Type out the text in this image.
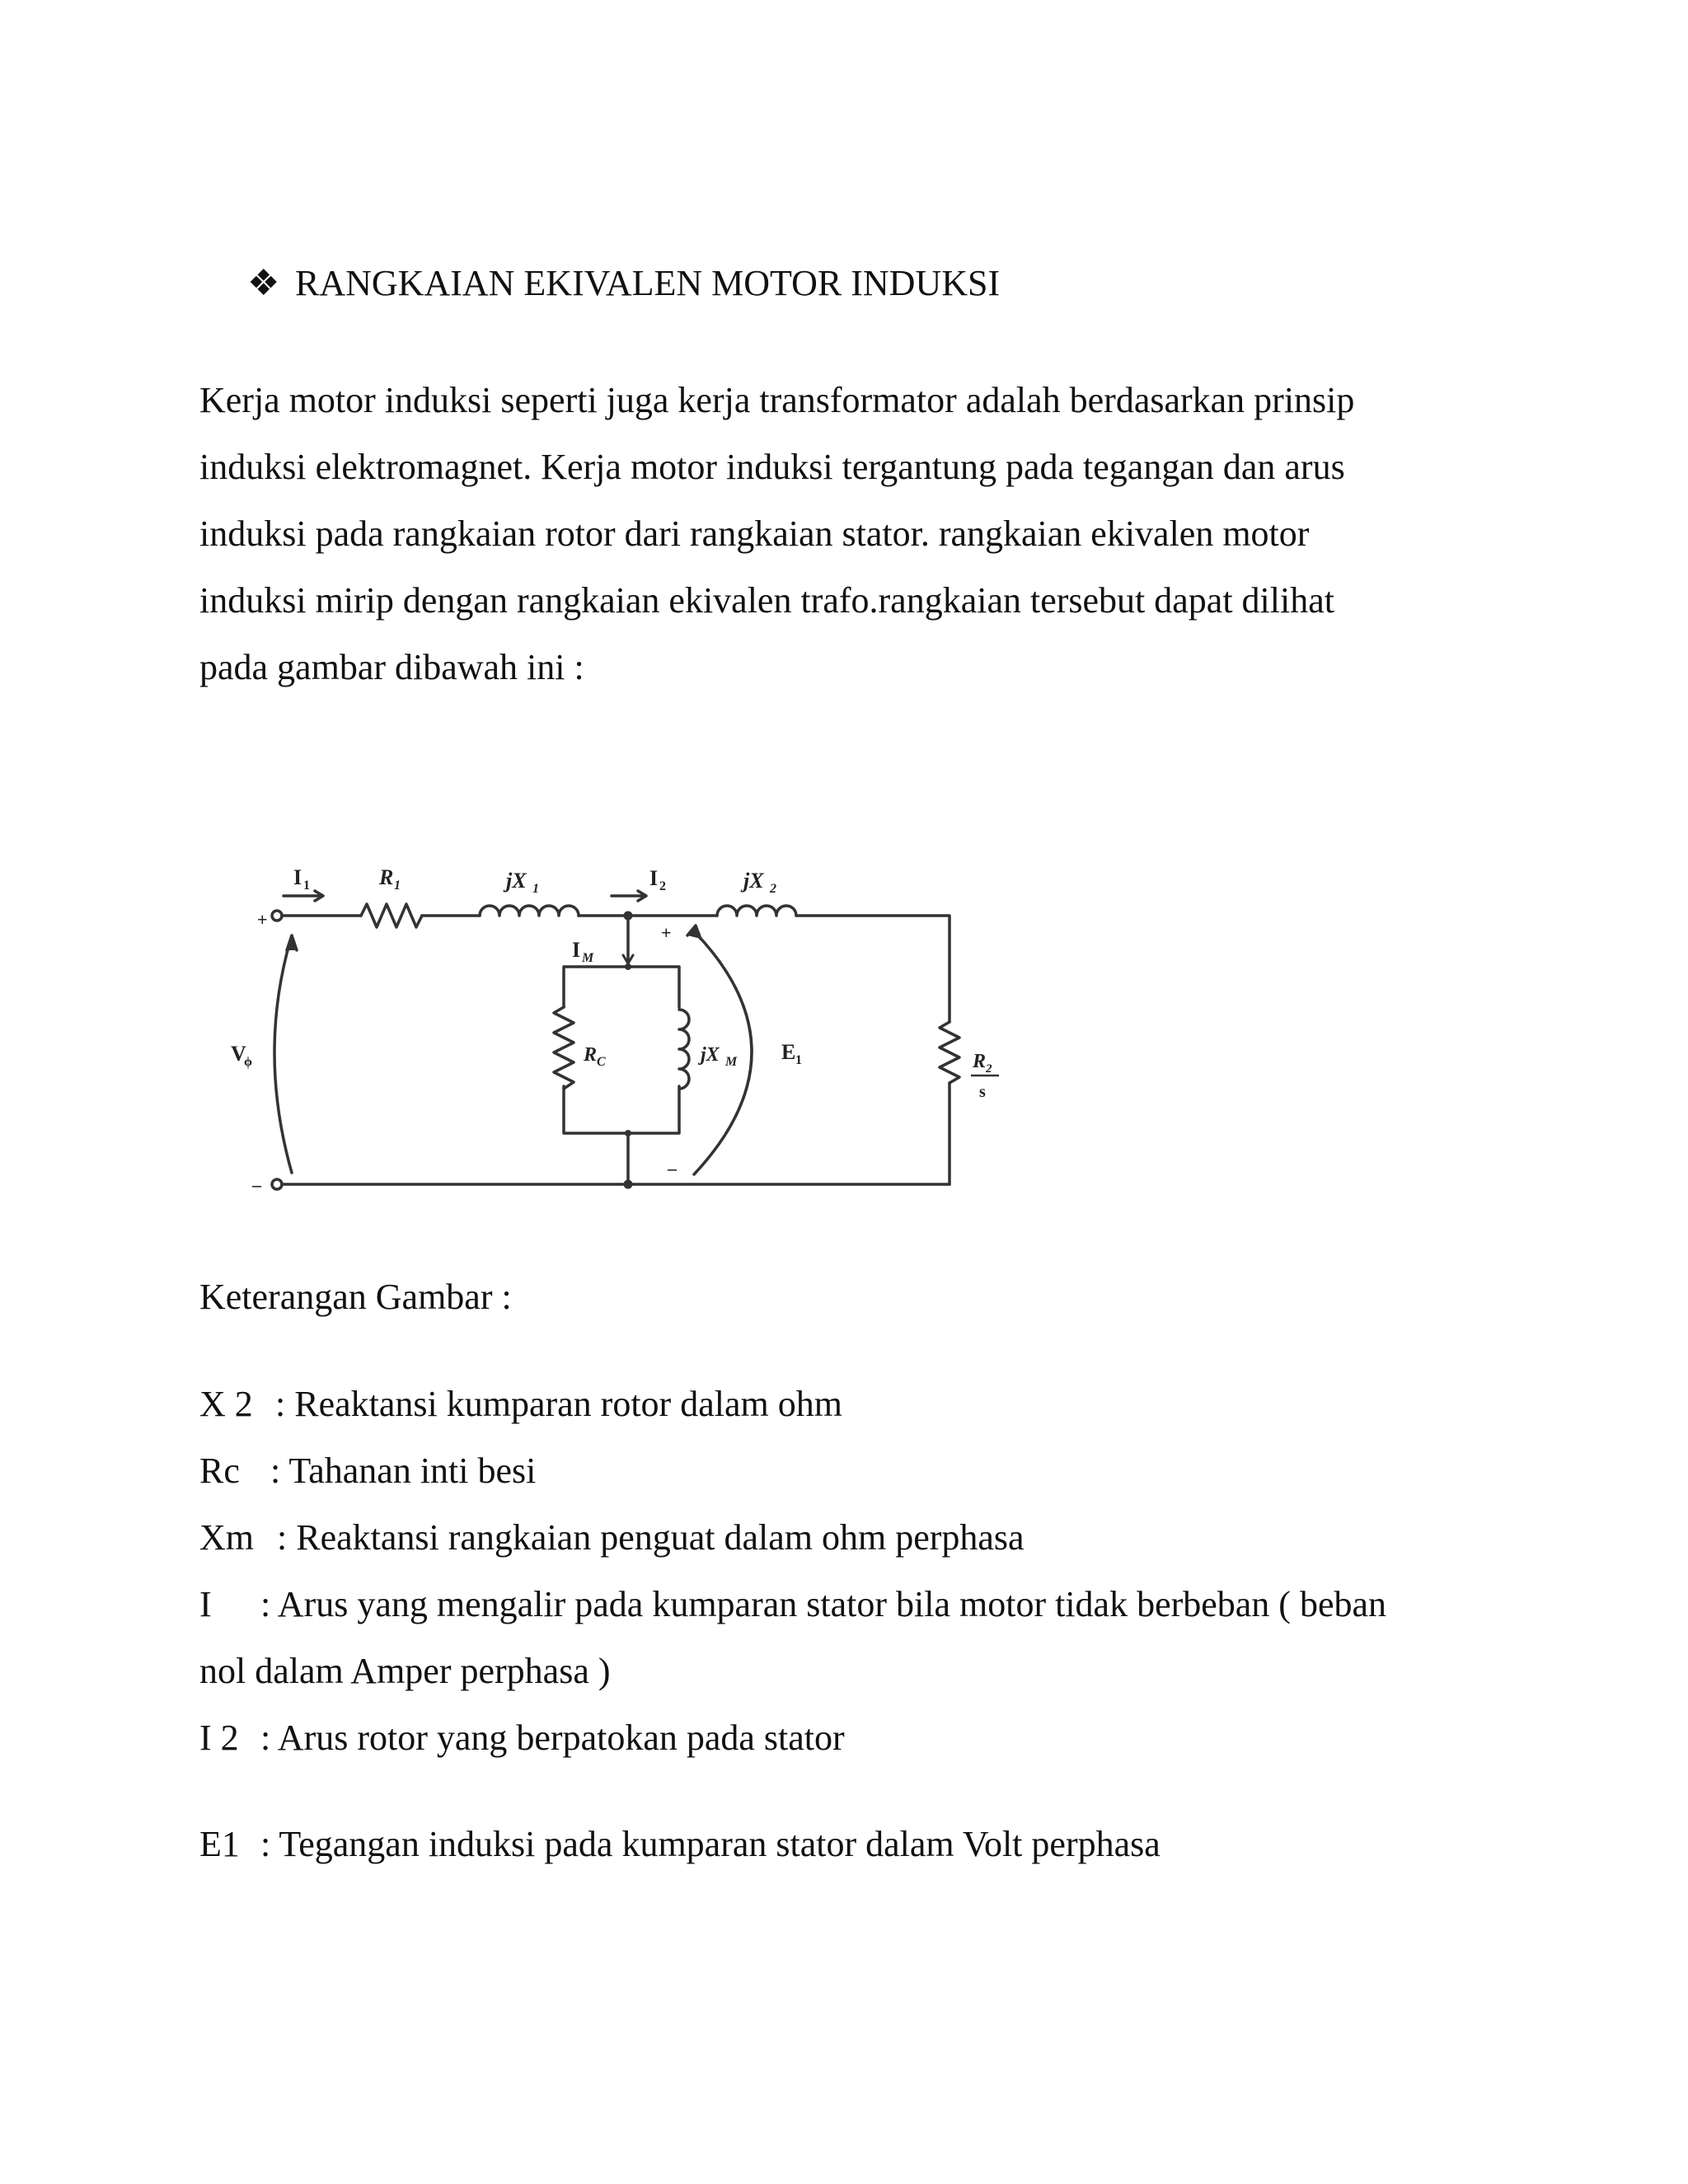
❖ RANGKAIAN EKIVALEN MOTOR INDUKSI
Kerja motor induksi seperti juga kerja transformator adalah berdasarkan prinsip
induksi elektromagnet. Kerja motor induksi tergantung pada tegangan dan arus
induksi pada rangkaian rotor dari rangkaian stator. rangkaian ekivalen motor
induksi mirip dengan rangkaian ekivalen trafo.rangkaian tersebut dapat dilihat
pada gambar dibawah ini :
+
–
I 1	R 1	jX 1	I 2	jX 2
I M
+
–
V
ϕ	R C	jX M E 1	R 2
s
Keterangan Gambar :
X 2 : Reaktansi kumparan rotor dalam ohm
Rc : Tahanan inti besi
Xm : Reaktansi rangkaian penguat dalam ohm perphasa
I : Arus yang mengalir pada kumparan stator bila motor tidak berbeban ( beban
nol dalam Amper perphasa )
I 2 : Arus rotor yang berpatokan pada stator
E1 : Tegangan induksi pada kumparan stator dalam Volt perphasa
